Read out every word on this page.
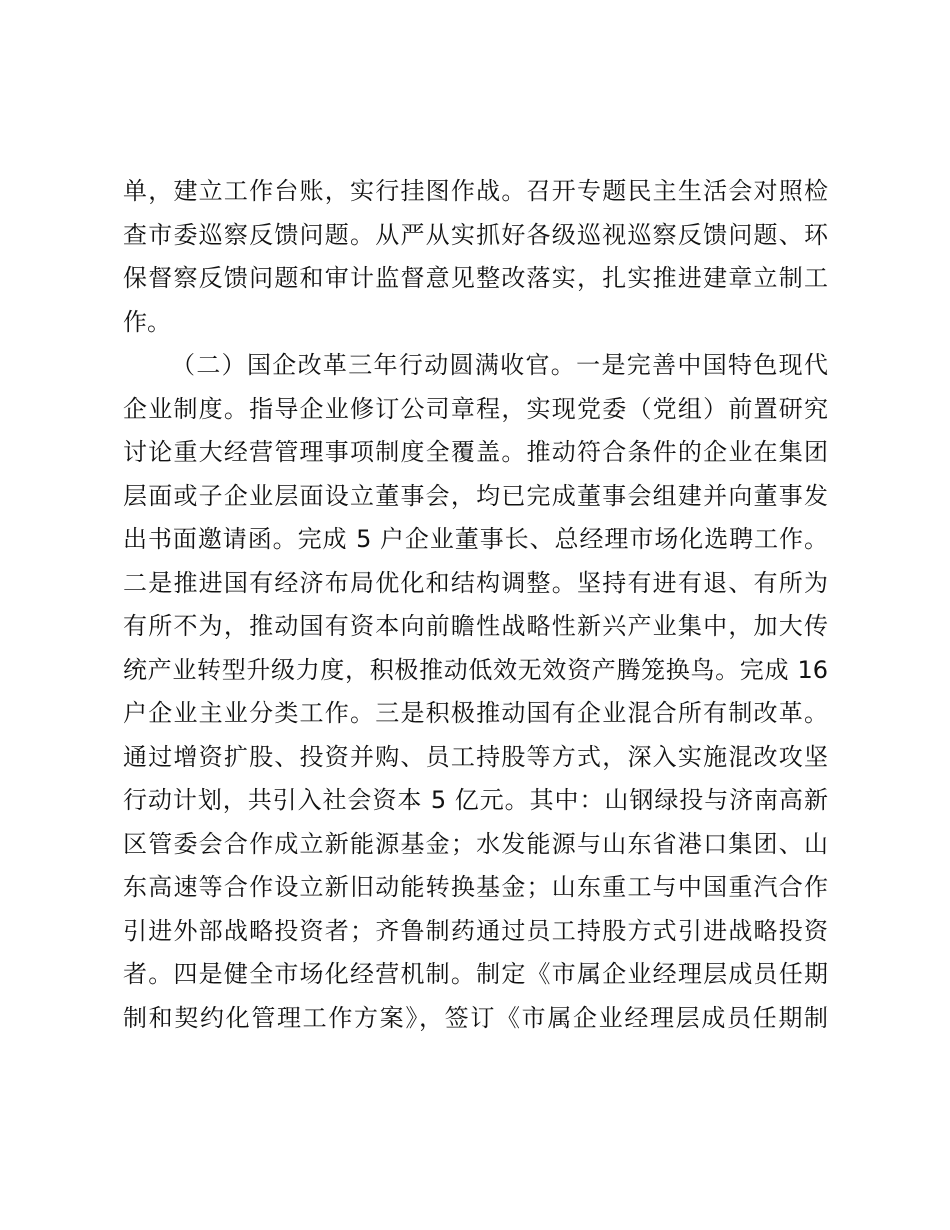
单，建立工作台账，实行挂图作战。召开专题民主生活会对照检
查市委巡察反馈问题。从严从实抓好各级巡视巡察反馈问题、环
保督察反馈问题和审计监督意见整改落实，扎实推进建章立制工
作。
（二）国企改革三年行动圆满收官。一是完善中国特色现代
企业制度。指导企业修订公司章程，实现党委（党组）前置研究
讨论重大经营管理事项制度全覆盖。推动符合条件的企业在集团
层面或子企业层面设立董事会，均已完成董事会组建并向董事发
出书面邀请函。完成 5 户企业董事长、总经理市场化选聘工作。
二是推进国有经济布局优化和结构调整。坚持有进有退、有所为
有所不为，推动国有资本向前瞻性战略性新兴产业集中，加大传
统产业转型升级力度，积极推动低效无效资产腾笼换鸟。完成 16
户企业主业分类工作。三是积极推动国有企业混合所有制改革。
通过增资扩股、投资并购、员工持股等方式，深入实施混改攻坚
行动计划，共引入社会资本 5 亿元。其中：山钢绿投与济南高新
区管委会合作成立新能源基金；水发能源与山东省港口集团、山
东高速等合作设立新旧动能转换基金；山东重工与中国重汽合作
引进外部战略投资者；齐鲁制药通过员工持股方式引进战略投资
者。四是健全市场化经营机制。制定《市属企业经理层成员任期
制和契约化管理工作方案》，签订《市属企业经理层成员任期制
